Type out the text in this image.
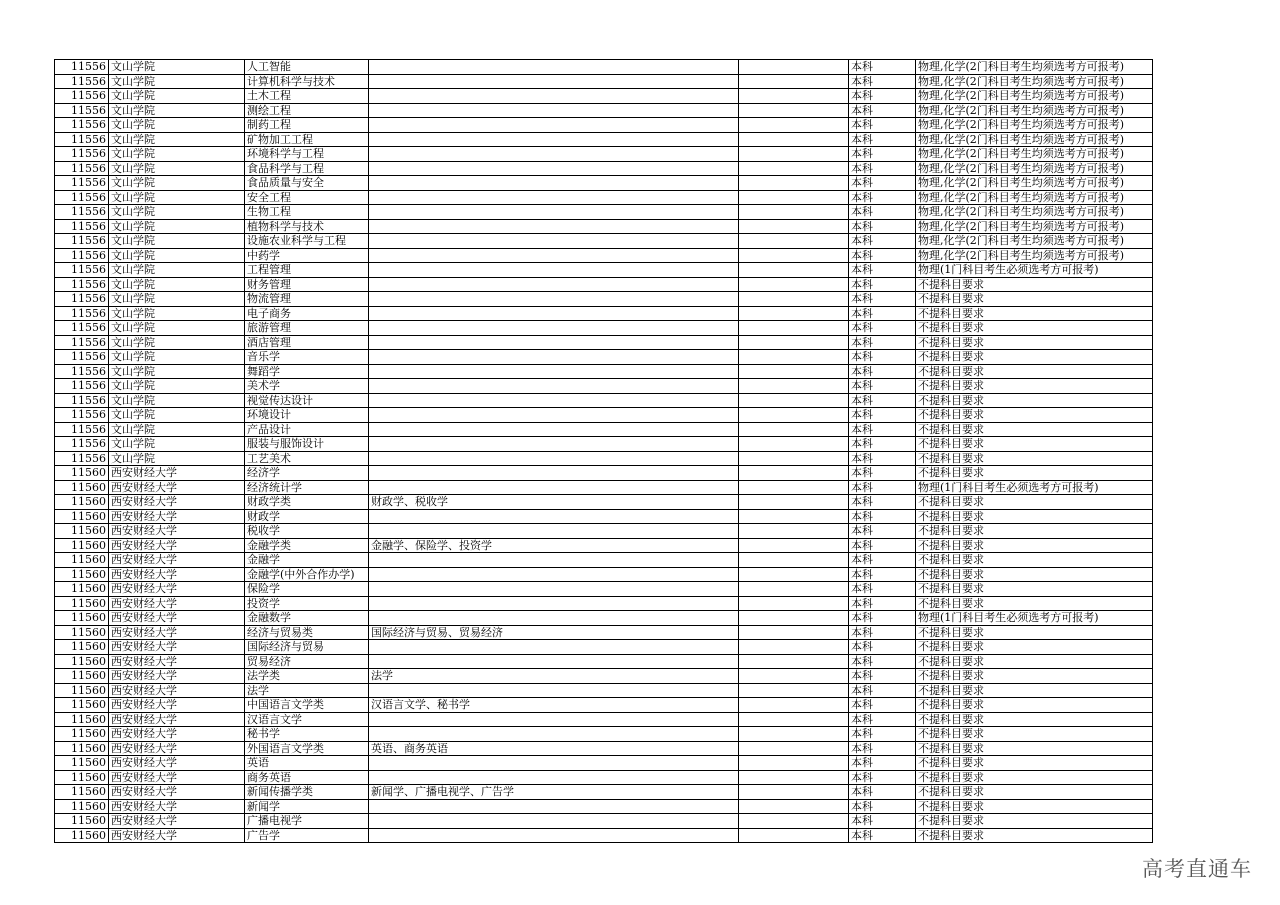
11556	文山学院	人工智能			本科	物理,化学(2门科目考生均须选考方可报考)
11556	文山学院	计算机科学与技术			本科	物理,化学(2门科目考生均须选考方可报考)
11556	文山学院	土木工程			本科	物理,化学(2门科目考生均须选考方可报考)
11556	文山学院	测绘工程			本科	物理,化学(2门科目考生均须选考方可报考)
11556	文山学院	制药工程			本科	物理,化学(2门科目考生均须选考方可报考)
11556	文山学院	矿物加工工程			本科	物理,化学(2门科目考生均须选考方可报考)
11556	文山学院	环境科学与工程			本科	物理,化学(2门科目考生均须选考方可报考)
11556	文山学院	食品科学与工程			本科	物理,化学(2门科目考生均须选考方可报考)
11556	文山学院	食品质量与安全			本科	物理,化学(2门科目考生均须选考方可报考)
11556	文山学院	安全工程			本科	物理,化学(2门科目考生均须选考方可报考)
11556	文山学院	生物工程			本科	物理,化学(2门科目考生均须选考方可报考)
11556	文山学院	植物科学与技术			本科	物理,化学(2门科目考生均须选考方可报考)
11556	文山学院	设施农业科学与工程			本科	物理,化学(2门科目考生均须选考方可报考)
11556	文山学院	中药学			本科	物理,化学(2门科目考生均须选考方可报考)
11556	文山学院	工程管理			本科	物理(1门科目考生必须选考方可报考)
11556	文山学院	财务管理			本科	不提科目要求
11556	文山学院	物流管理			本科	不提科目要求
11556	文山学院	电子商务			本科	不提科目要求
11556	文山学院	旅游管理			本科	不提科目要求
11556	文山学院	酒店管理			本科	不提科目要求
11556	文山学院	音乐学			本科	不提科目要求
11556	文山学院	舞蹈学			本科	不提科目要求
11556	文山学院	美术学			本科	不提科目要求
11556	文山学院	视觉传达设计			本科	不提科目要求
11556	文山学院	环境设计			本科	不提科目要求
11556	文山学院	产品设计			本科	不提科目要求
11556	文山学院	服装与服饰设计			本科	不提科目要求
11556	文山学院	工艺美术			本科	不提科目要求
11560	西安财经大学	经济学			本科	不提科目要求
11560	西安财经大学	经济统计学			本科	物理(1门科目考生必须选考方可报考)
11560	西安财经大学	财政学类	财政学、税收学		本科	不提科目要求
11560	西安财经大学	财政学			本科	不提科目要求
11560	西安财经大学	税收学			本科	不提科目要求
11560	西安财经大学	金融学类	金融学、保险学、投资学		本科	不提科目要求
11560	西安财经大学	金融学			本科	不提科目要求
11560	西安财经大学	金融学(中外合作办学)			本科	不提科目要求
11560	西安财经大学	保险学			本科	不提科目要求
11560	西安财经大学	投资学			本科	不提科目要求
11560	西安财经大学	金融数学			本科	物理(1门科目考生必须选考方可报考)
11560	西安财经大学	经济与贸易类	国际经济与贸易、贸易经济		本科	不提科目要求
11560	西安财经大学	国际经济与贸易			本科	不提科目要求
11560	西安财经大学	贸易经济			本科	不提科目要求
11560	西安财经大学	法学类	法学		本科	不提科目要求
11560	西安财经大学	法学			本科	不提科目要求
11560	西安财经大学	中国语言文学类	汉语言文学、秘书学		本科	不提科目要求
11560	西安财经大学	汉语言文学			本科	不提科目要求
11560	西安财经大学	秘书学			本科	不提科目要求
11560	西安财经大学	外国语言文学类	英语、商务英语		本科	不提科目要求
11560	西安财经大学	英语			本科	不提科目要求
11560	西安财经大学	商务英语			本科	不提科目要求
11560	西安财经大学	新闻传播学类	新闻学、广播电视学、广告学		本科	不提科目要求
11560	西安财经大学	新闻学			本科	不提科目要求
11560	西安财经大学	广播电视学			本科	不提科目要求
11560	西安财经大学	广告学			本科	不提科目要求
高考直通车
